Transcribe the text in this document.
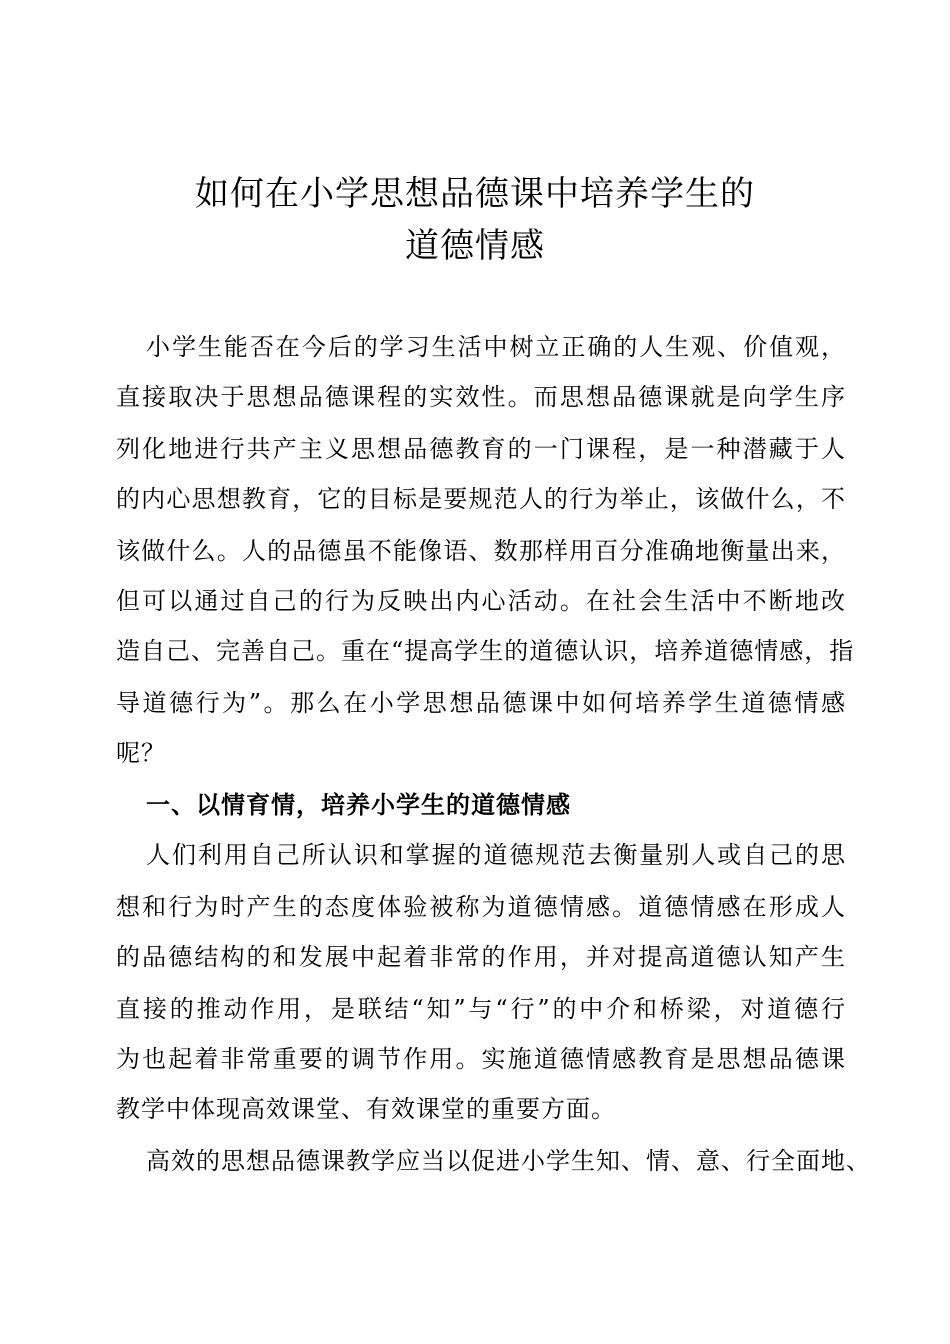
如何在小学思想品德课中培养学生的
道德情感
小学生能否在今后的学习生活中树立正确的人生观、价值观，
直接取决于思想品德课程的实效性。而思想品德课就是向学生序
列化地进行共产主义思想品德教育的一门课程，是一种潜藏于人
的内心思想教育，它的目标是要规范人的行为举止，该做什么，不
该做什么。人的品德虽不能像语、数那样用百分准确地衡量出来，
但可以通过自己的行为反映出内心活动。在社会生活中不断地改
造自己、完善自己。重在“提高学生的道德认识，培养道德情感，指
导道德行为”。那么在小学思想品德课中如何培养学生道德情感
呢？
一、以情育情，培养小学生的道德情感
人们利用自己所认识和掌握的道德规范去衡量别人或自己的思
想和行为时产生的态度体验被称为道德情感。道德情感在形成人
的品德结构的和发展中起着非常的作用，并对提高道德认知产生
直接的推动作用，是联结“知”与“行”的中介和桥梁，对道德行
为也起着非常重要的调节作用。实施道德情感教育是思想品德课
教学中体现高效课堂、有效课堂的重要方面。
高效的思想品德课教学应当以促进小学生知、情、意、行全面地、
